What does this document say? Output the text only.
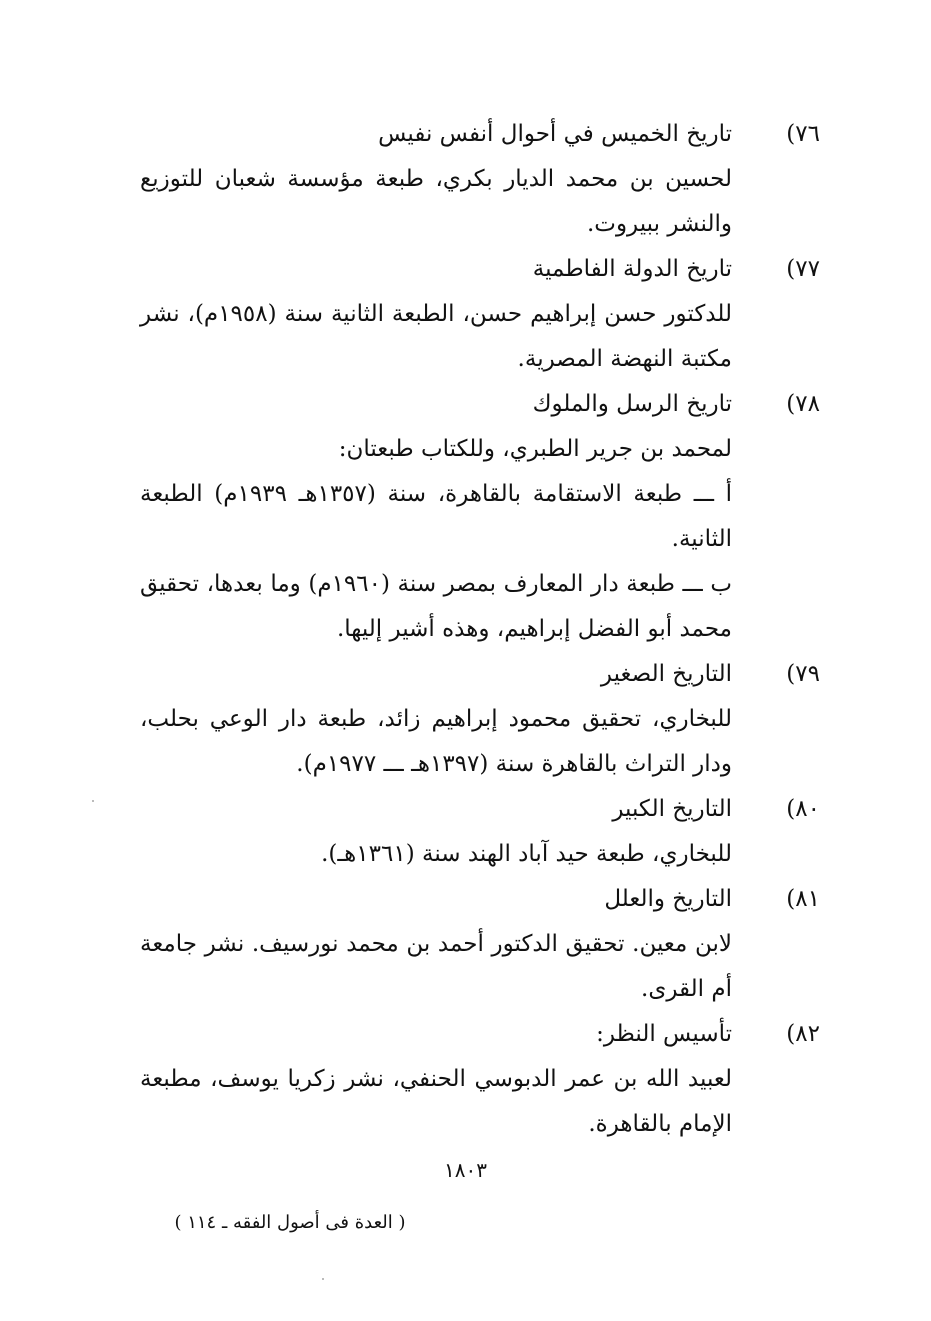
٧٦)
تاريخ الخميس في أحوال أنفس نفيس

لحسين بن محمد الديار بكري، طبعة مؤسسة شعبان للتوزيع والنشر ببيروت.

٧٧)
تاريخ الدولة الفاطمية

للدكتور حسن إبراهيم حسن، الطبعة الثانية سنة (١٩٥٨م)، نشر مكتبة النهضة المصرية.

٧٨)
تاريخ الرسل والملوك

لمحمد بن جرير الطبري، وللكتاب طبعتان:

أ ـــ طبعة الاستقامة بالقاهرة، سنة (١٣٥٧هـ ١٩٣٩م) الطبعة الثانية.

ب ـــ طبعة دار المعارف بمصر سنة (١٩٦٠م) وما بعدها، تحقيق محمد أبو الفضل إبراهيم، وهذه أشير إليها.

٧٩)
التاريخ الصغير

للبخاري، تحقيق محمود إبراهيم زائد، طبعة دار الوعي بحلب، ودار التراث بالقاهرة سنة (١٣٩٧هـ ـــ ١٩٧٧م).

٨٠)
التاريخ الكبير

للبخاري، طبعة حيد آباد الهند سنة (١٣٦١هـ).

٨١)
التاريخ والعلل

لابن معين. تحقيق الدكتور أحمد بن محمد نورسيف. نشر جامعة أم القرى.

٨٢)
تأسيس النظر:

لعبيد الله بن عمر الدبوسي الحنفي، نشر زكريا يوسف، مطبعة الإمام بالقاهرة.

١٨٠٣
( العدة فى أصول الفقه ـ ١١٤ )
